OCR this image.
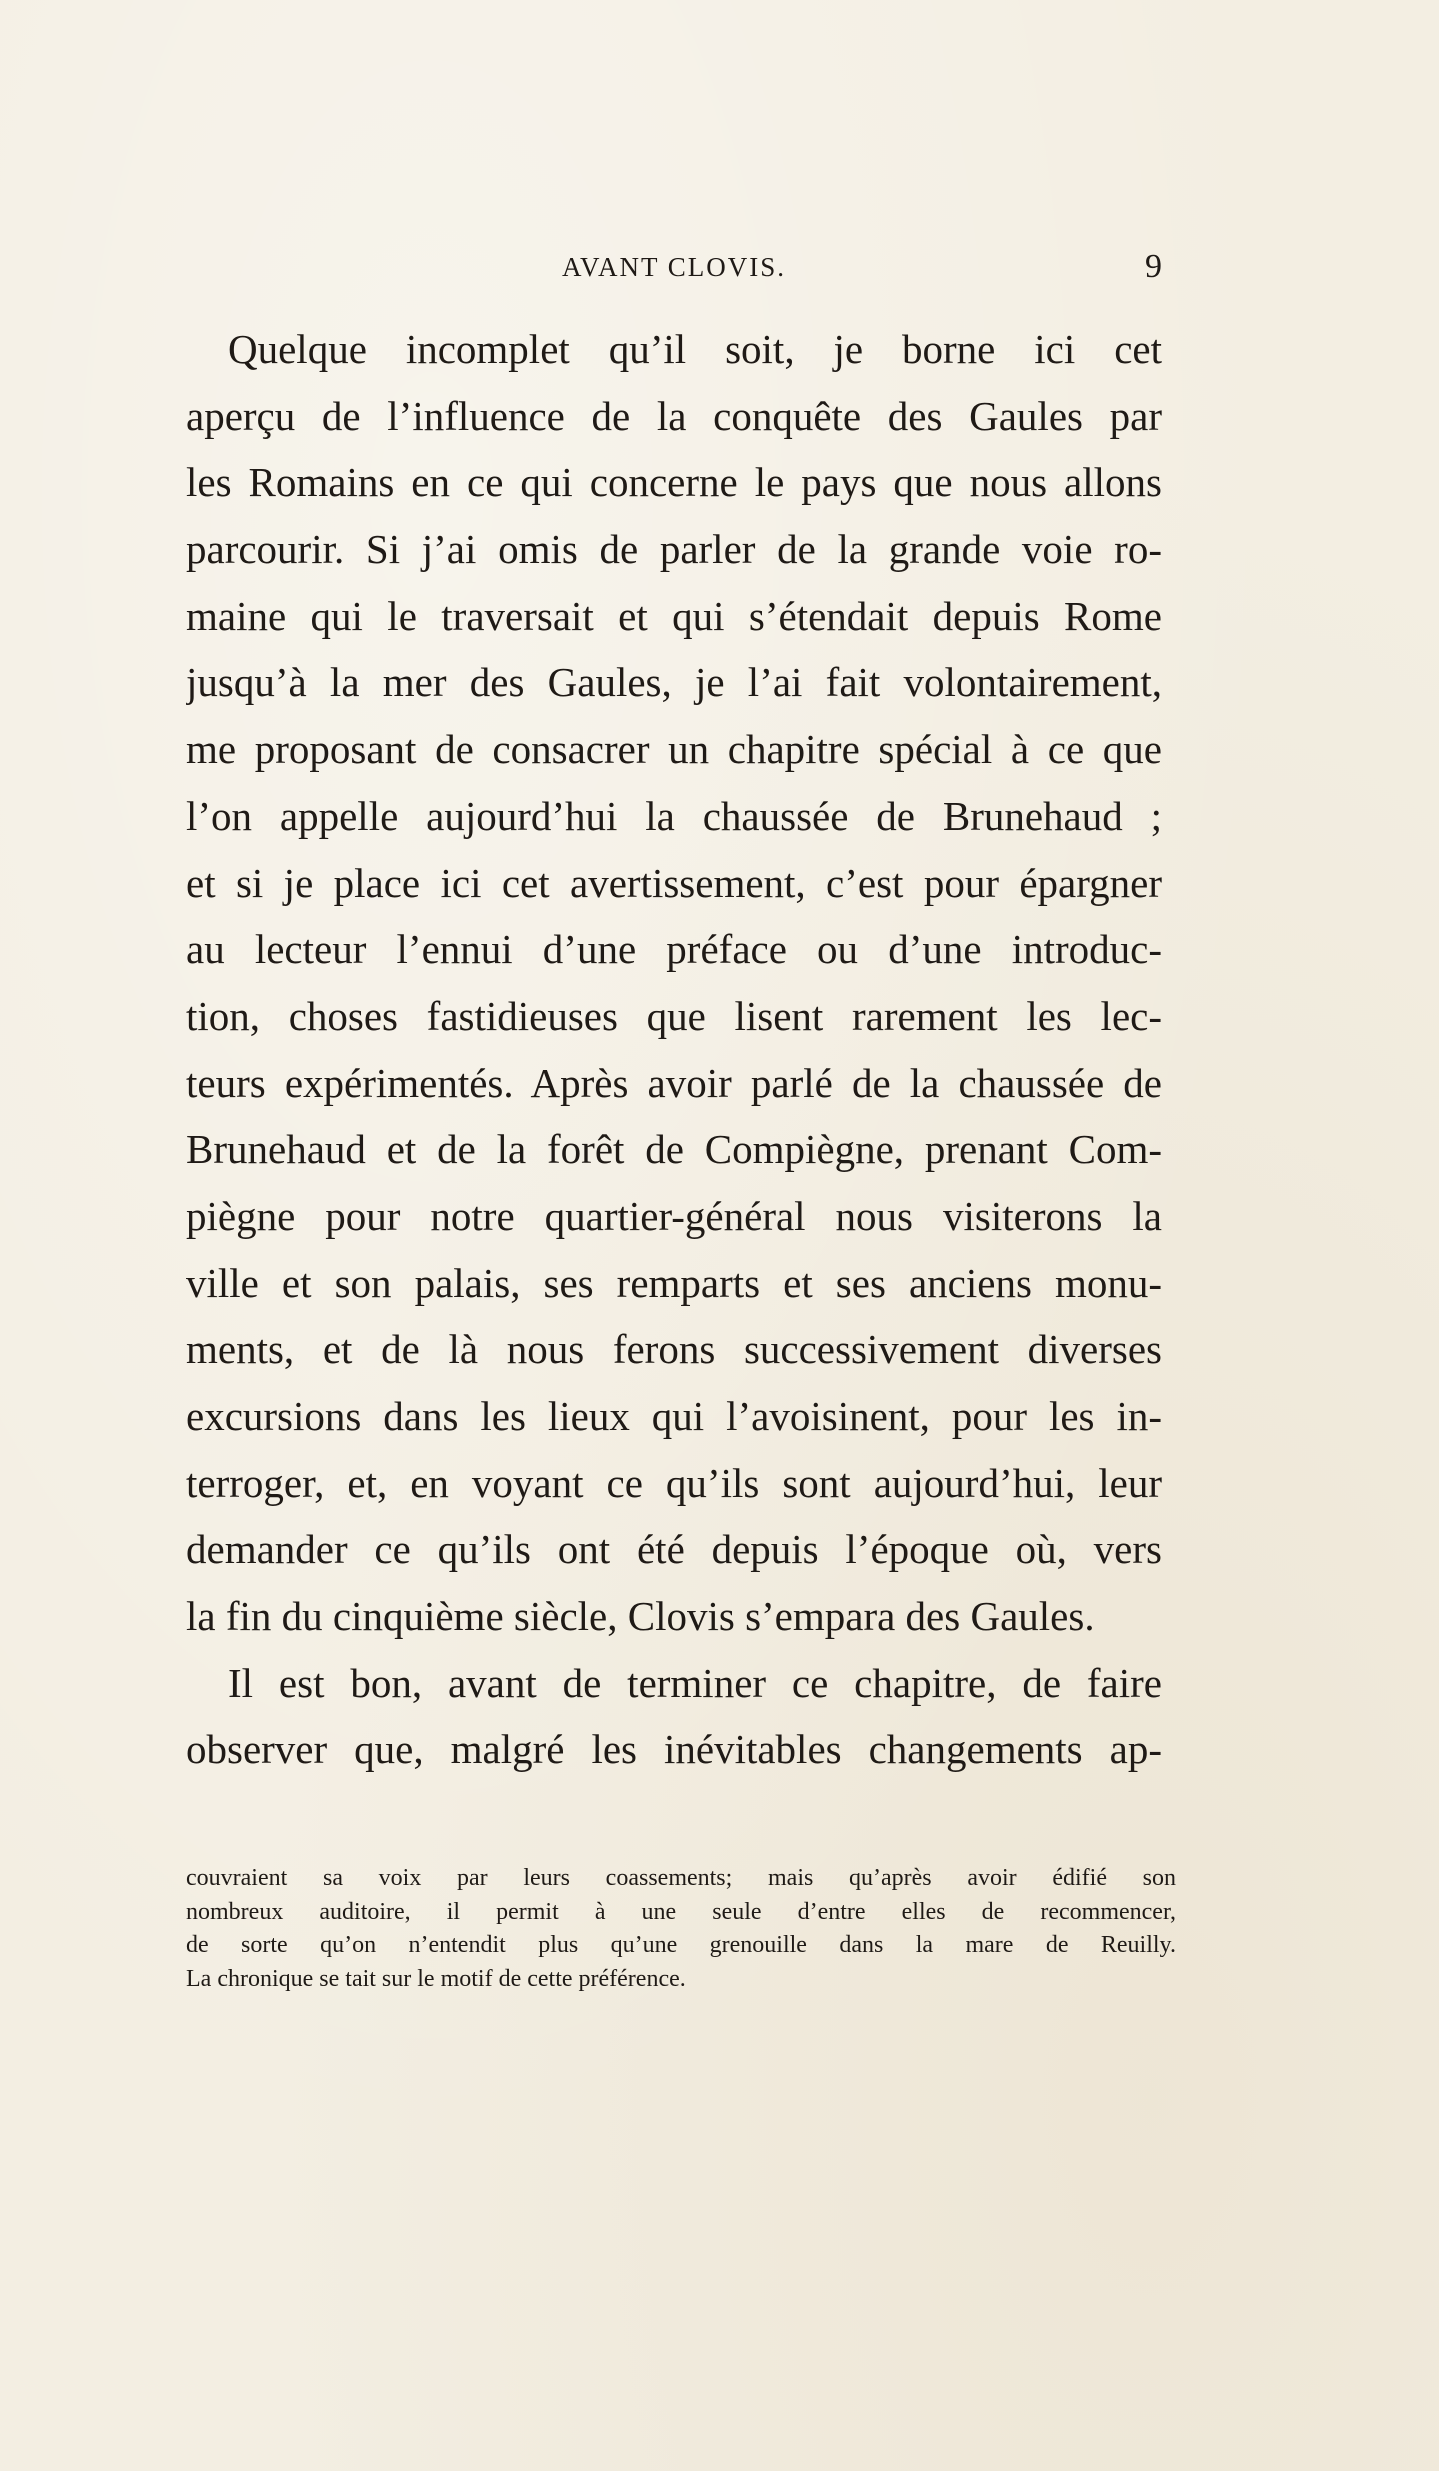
AVANT CLOVIS.	9
Quelque incomplet qu’il soit, je borne ici cet
aperçu de l’influence de la conquête des Gaules par
les Romains en ce qui concerne le pays que nous allons
parcourir. Si j’ai omis de parler de la grande voie ro-
maine qui le traversait et qui s’étendait depuis Rome
jusqu’à la mer des Gaules, je l’ai fait volontairement,
me proposant de consacrer un chapitre spécial à ce que
l’on appelle aujourd’hui la chaussée de Brunehaud ;
et si je place ici cet avertissement, c’est pour épargner
au lecteur l’ennui d’une préface ou d’une introduc-
tion, choses fastidieuses que lisent rarement les lec-
teurs expérimentés. Après avoir parlé de la chaussée de
Brunehaud et de la forêt de Compiègne, prenant Com-
piègne pour notre quartier-général nous visiterons la
ville et son palais, ses remparts et ses anciens monu-
ments, et de là nous ferons successivement diverses
excursions dans les lieux qui l’avoisinent, pour les in-
terroger, et, en voyant ce qu’ils sont aujourd’hui, leur
demander ce qu’ils ont été depuis l’époque où, vers
la fin du cinquième siècle, Clovis s’empara des Gaules.
Il est bon, avant de terminer ce chapitre, de faire
observer que, malgré les inévitables changements ap-
couvraient sa voix par leurs coassements; mais qu’après avoir édifié son
nombreux auditoire, il permit à une seule d’entre elles de recommencer,
de sorte qu’on n’entendit plus qu’une grenouille dans la mare de Reuilly.
La chronique se tait sur le motif de cette préférence.
